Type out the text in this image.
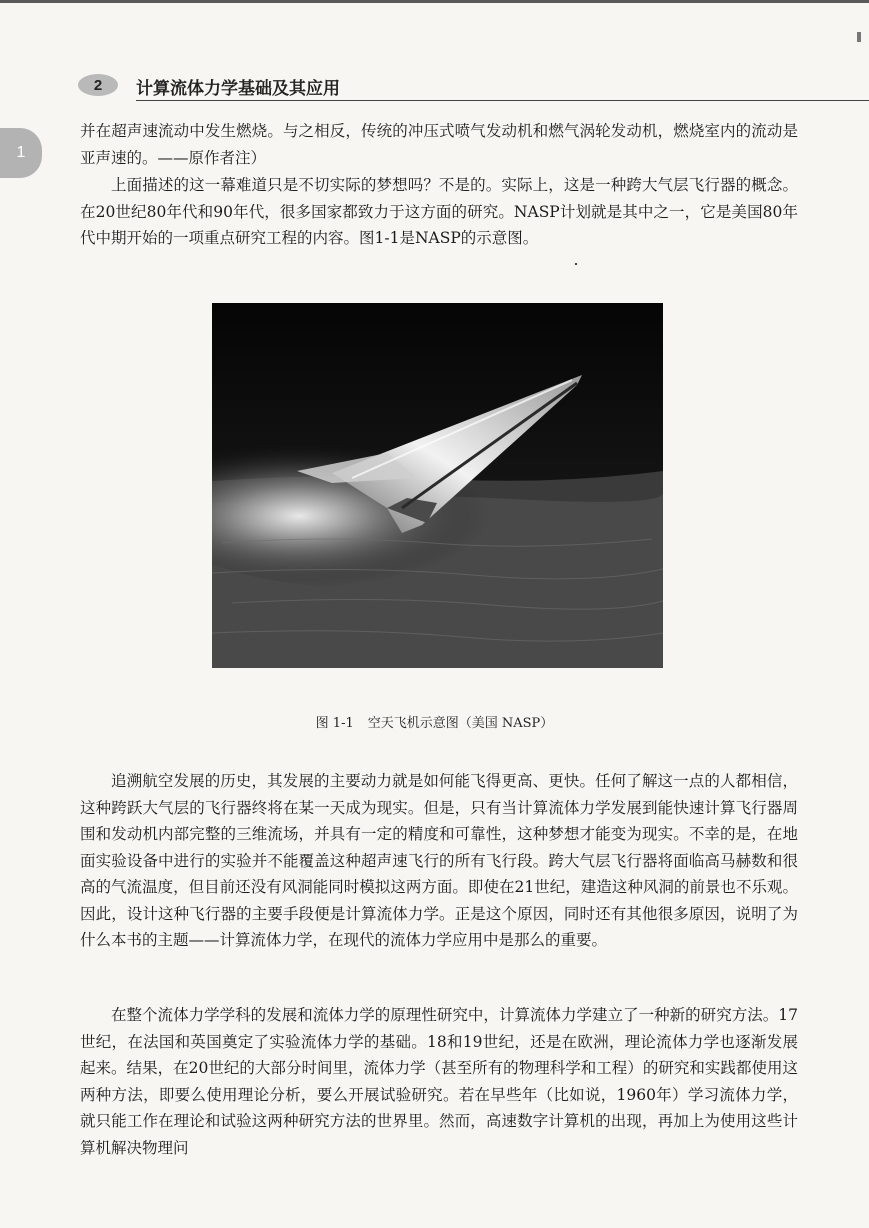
2	计算流体力学基础及其应用
1

并在超声速流动中发生燃烧。与之相反，传统的冲压式喷气发动机和燃气涡轮发动机，燃烧室内的流动是亚声速的。——原作者注）

上面描述的这一幕难道只是不切实际的梦想吗？不是的。实际上，这是一种跨大气层飞行器的概念。在20世纪80年代和90年代，很多国家都致力于这方面的研究。NASP计划就是其中之一，它是美国80年代中期开始的一项重点研究工程的内容。图1-1是NASP的示意图。

图 1-1 空天飞机示意图（美国 NASP）

追溯航空发展的历史，其发展的主要动力就是如何能飞得更高、更快。任何了解这一点的人都相信，这种跨跃大气层的飞行器终将在某一天成为现实。但是，只有当计算流体力学发展到能快速计算飞行器周围和发动机内部完整的三维流场，并具有一定的精度和可靠性，这种梦想才能变为现实。不幸的是，在地面实验设备中进行的实验并不能覆盖这种超声速飞行的所有飞行段。跨大气层飞行器将面临高马赫数和很高的气流温度，但目前还没有风洞能同时模拟这两方面。即使在21世纪，建造这种风洞的前景也不乐观。因此，设计这种飞行器的主要手段便是计算流体力学。正是这个原因，同时还有其他很多原因，说明了为什么本书的主题——计算流体力学，在现代的流体力学应用中是那么的重要。

在整个流体力学学科的发展和流体力学的原理性研究中，计算流体力学建立了一种新的研究方法。17世纪，在法国和英国奠定了实验流体力学的基础。18和19世纪，还是在欧洲，理论流体力学也逐渐发展起来。结果，在20世纪的大部分时间里，流体力学（甚至所有的物理科学和工程）的研究和实践都使用这两种方法，即要么使用理论分析，要么开展试验研究。若在早些年（比如说，1960年）学习流体力学，就只能工作在理论和试验这两种研究方法的世界里。然而，高速数字计算机的出现，再加上为使用这些计算机解决物理问
